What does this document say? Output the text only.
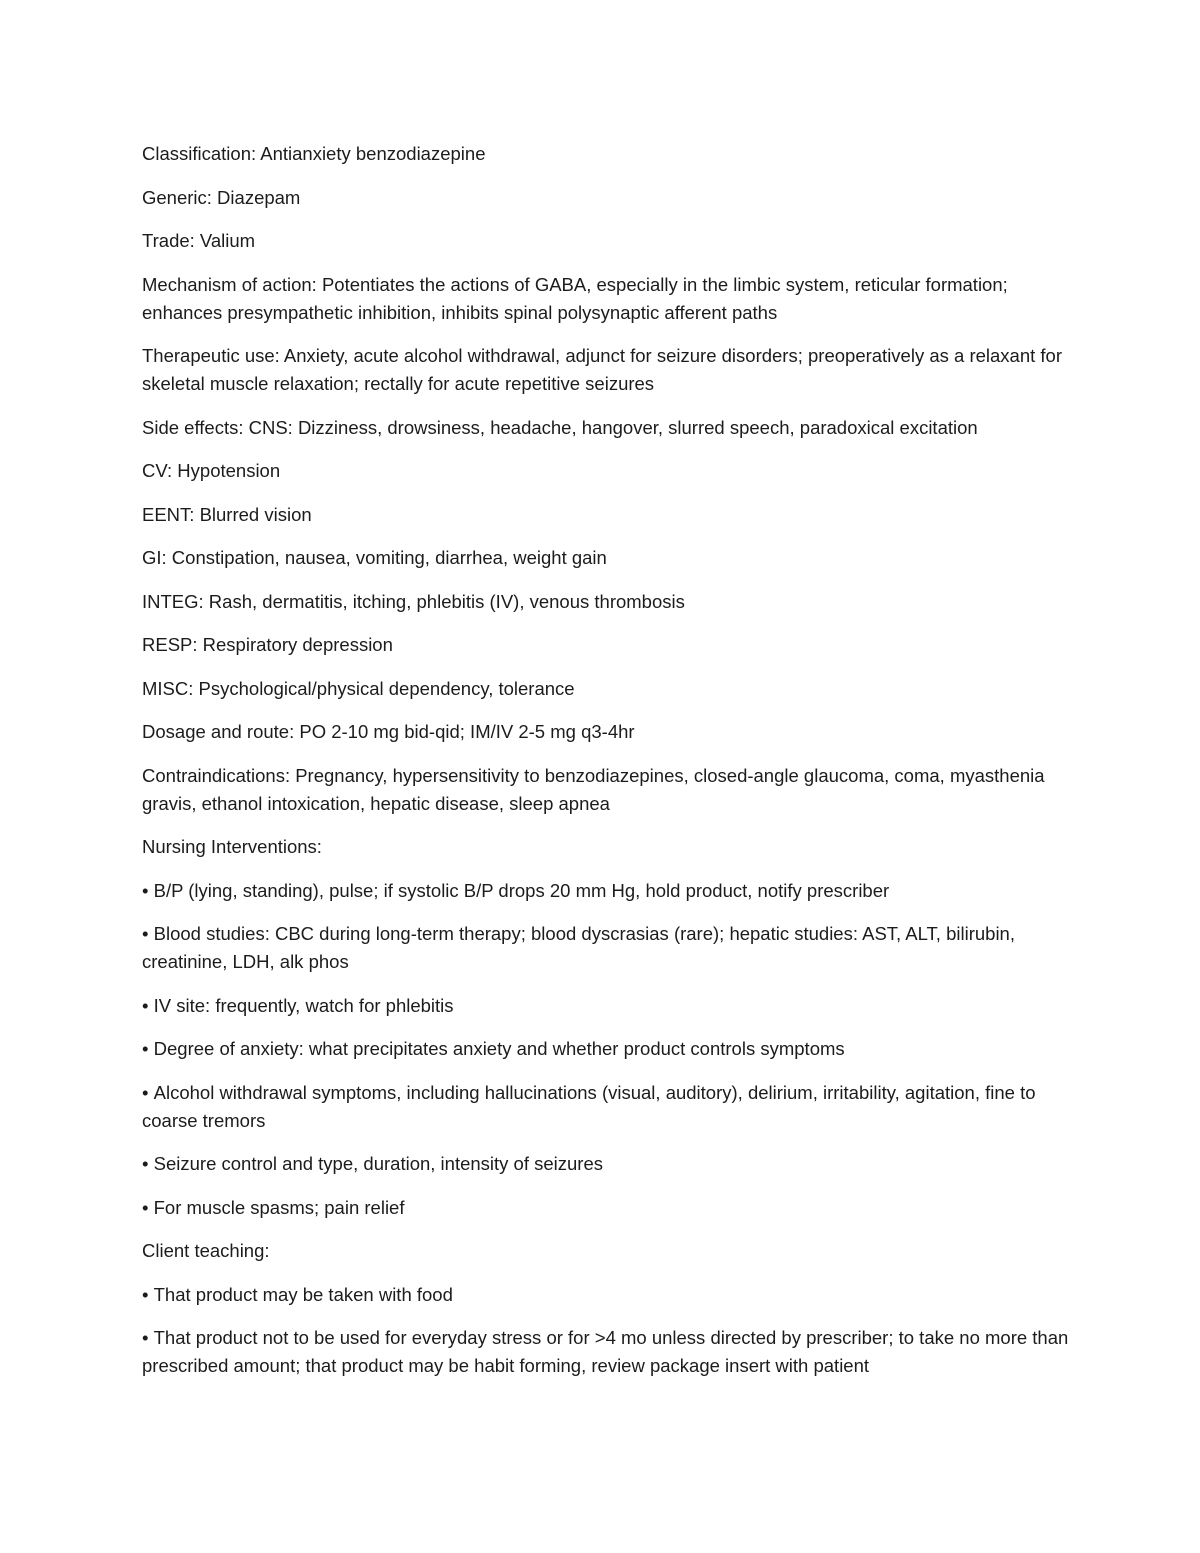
Classification: Antianxiety benzodiazepine

Generic: Diazepam

Trade: Valium

Mechanism of action: Potentiates the actions of GABA, especially in the limbic system, reticular formation; enhances presympathetic inhibition, inhibits spinal polysynaptic afferent paths

Therapeutic use: Anxiety, acute alcohol withdrawal, adjunct for seizure disorders; preoperatively as a relaxant for skeletal muscle relaxation; rectally for acute repetitive seizures

Side effects: CNS: Dizziness, drowsiness, headache, hangover, slurred speech, paradoxical excitation

CV: Hypotension

EENT: Blurred vision

GI: Constipation, nausea, vomiting, diarrhea, weight gain

INTEG: Rash, dermatitis, itching, phlebitis (IV), venous thrombosis

RESP: Respiratory depression

MISC: Psychological/physical dependency, tolerance

Dosage and route: PO 2-10 mg bid-qid; IM/IV 2-5 mg q3-4hr

Contraindications: Pregnancy, hypersensitivity to benzodiazepines, closed-angle glaucoma, coma, myasthenia gravis, ethanol intoxication, hepatic disease, sleep apnea

Nursing Interventions:

• B/P (lying, standing), pulse; if systolic B/P drops 20 mm Hg, hold product, notify prescriber

• Blood studies: CBC during long-term therapy; blood dyscrasias (rare); hepatic studies: AST, ALT, bilirubin, creatinine, LDH, alk phos

• IV site: frequently, watch for phlebitis

• Degree of anxiety: what precipitates anxiety and whether product controls symptoms

• Alcohol withdrawal symptoms, including hallucinations (visual, auditory), delirium, irritability, agitation, fine to coarse tremors

• Seizure control and type, duration, intensity of seizures

• For muscle spasms; pain relief

Client teaching:

• That product may be taken with food

• That product not to be used for everyday stress or for >4 mo unless directed by prescriber; to take no more than prescribed amount; that product may be habit forming, review package insert with patient
